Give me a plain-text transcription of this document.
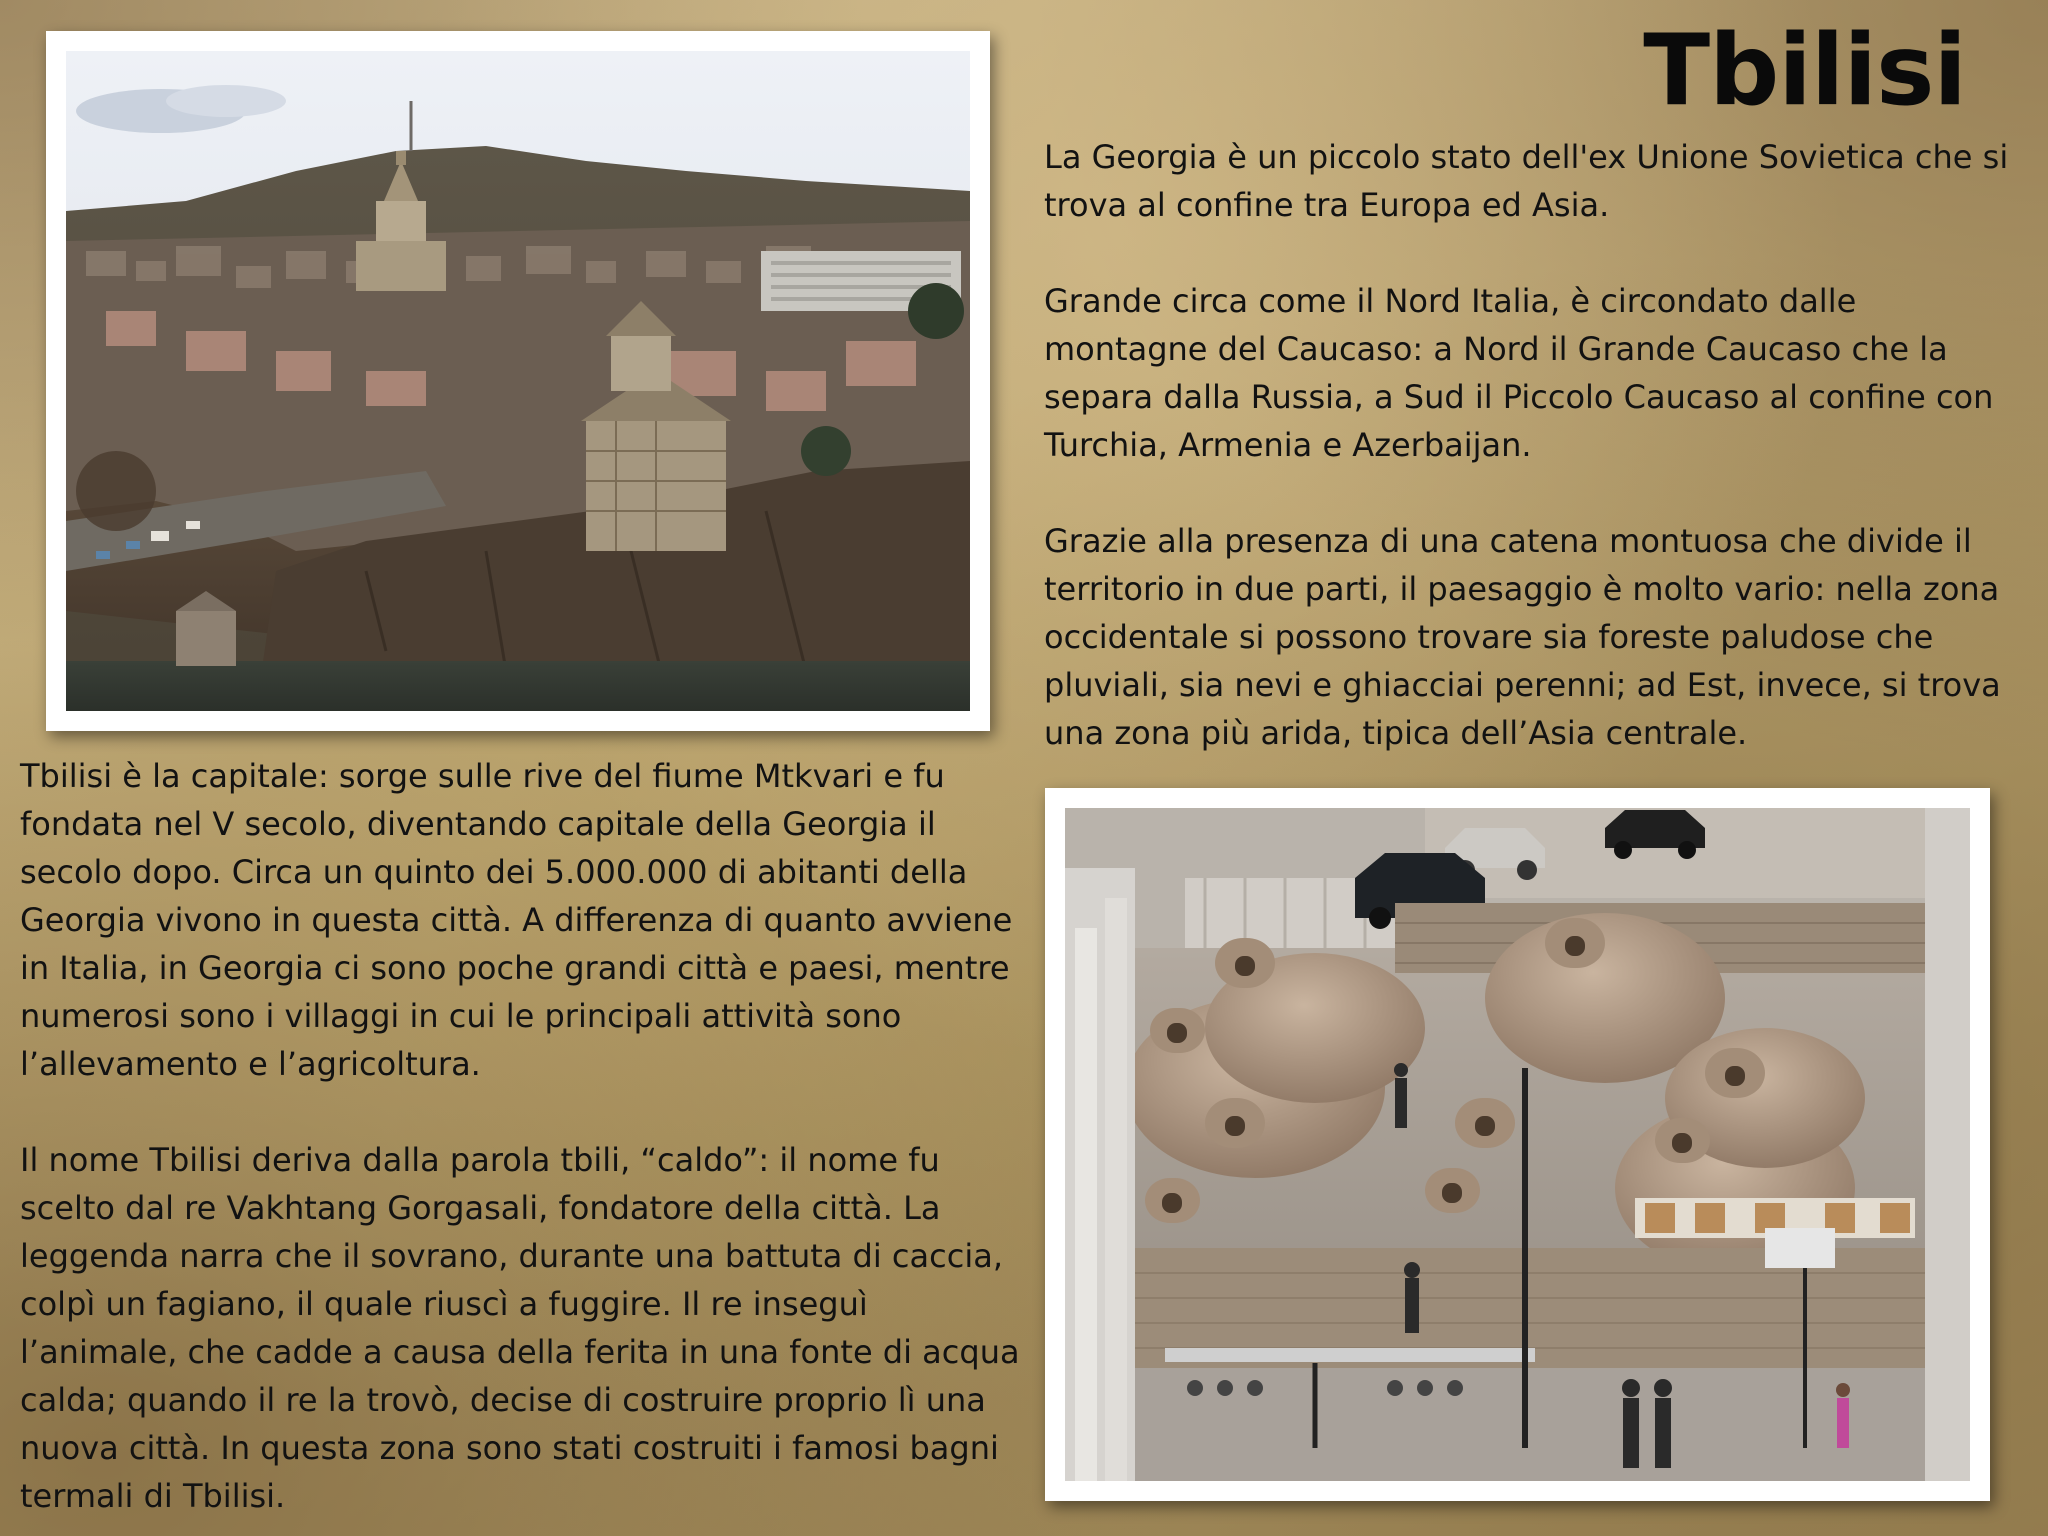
Tbilisi

La Georgia è un piccolo stato dell'ex Unione Sovietica che si trova al confine tra Europa ed Asia.

Grande circa come il Nord Italia, è circondato dalle montagne del Caucaso: a Nord il Grande Caucaso che la separa dalla Russia, a Sud il Piccolo Caucaso al confine con Turchia, Armenia e Azerbaijan.

Grazie alla presenza di una catena montuosa che divide il territorio in due parti, il paesaggio è molto vario: nella zona occidentale si possono trovare sia foreste paludose che pluviali, sia nevi e ghiacciai perenni; ad Est, invece, si trova una zona più arida, tipica dell’Asia centrale.

Tbilisi è la capitale: sorge sulle rive del fiume Mtkvari e fu fondata nel V secolo, diventando capitale della Georgia il secolo dopo. Circa un quinto dei 5.000.000 di abitanti della Georgia vivono in questa città. A differenza di quanto avviene in Italia, in Georgia ci sono poche grandi città e paesi, mentre numerosi sono i villaggi in cui le principali attività sono l’allevamento e l’agricoltura.

Il nome Tbilisi deriva dalla parola tbili, “caldo”: il nome fu scelto dal re Vakhtang Gorgasali, fondatore della città. La leggenda narra che il sovrano, durante una battuta di caccia, colpì un fagiano, il quale riuscì a fuggire. Il re inseguì l’animale, che cadde a causa della ferita in una fonte di acqua calda; quando il re la trovò, decise di costruire proprio lì una nuova città. In questa zona sono stati costruiti i famosi bagni termali di Tbilisi.
